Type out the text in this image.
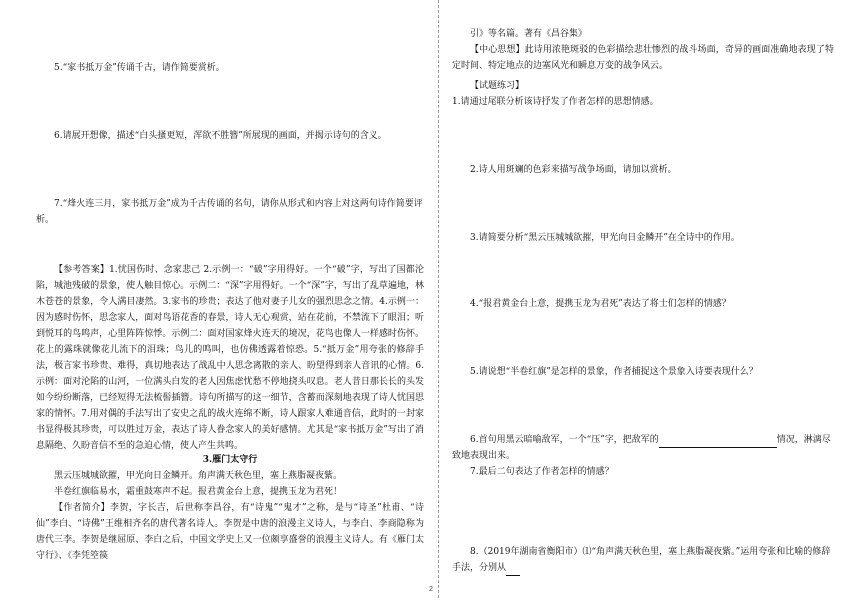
5.“家书抵万金”传诵千古，请作简要赏析。

6.请展开想像，描述“白头搔更短，浑欲不胜簪”所展现的画面，并揭示诗句的含义。

7.“烽火连三月，家书抵万金”成为千古传诵的名句，请你从形式和内容上对这两句诗作简要评析。

【参考答案】1.忧国伤时、念家悲己 2.示例一：“破”字用得好。一个“破”字，写出了国都沦陷，城池残破的景象，使人触目惊心。示例二：“深”字用得好。一个“深”字，写出了乱草遍地，林木苍苍的景象，令人满目凄然。3.家书的珍贵；表达了他对妻子儿女的强烈思念之情。4.示例一：因为感时伤怀，思念家人，面对鸟语花香的春景，诗人无心观赏，站在花前，不禁流下了眼泪；听到悦耳的鸟鸣声，心里阵阵惊悸。示例二：面对国家烽火连天的境况，花鸟也像人一样感时伤怀。花上的露珠就像花儿流下的泪珠；鸟儿的鸣叫，也仿佛透露着惊恐。5.“抵万金”用夸张的修辞手法，极言家书珍贵、难得，真切地表达了战乱中人思念离散的亲人、盼望得到亲人音讯的心情。6.示例：面对沦陷的山河，一位满头白发的老人因焦虑忧愁不停地挠头叹息。老人昔日那长长的头发如今纷纷断落，已经短得无法梳髻插簪。诗句所描写的这一细节，含蓄而深刻地表现了诗人忧国思家的情怀。7.用对偶的手法写出了安史之乱的战火连绵不断，诗人跟家人难通音信，此时的一封家书显得极其珍贵，可以胜过万金，表达了诗人眷念家人的美好感情。尤其是“家书抵万金”写出了消息隔绝、久盼音信不至的急迫心情，使人产生共鸣。

3.雁门太守行

黑云压城城欲摧，甲光向日金鳞开。角声满天秋色里，塞上燕脂凝夜紫。

半卷红旗临易水，霜重鼓寒声不起。报君黄金台上意，提携玉龙为君死！

【作者简介】李贺，字长吉，后世称李昌谷，有“诗鬼”“鬼才”之称，是与“诗圣”杜甫、“诗仙”李白、“诗佛”王维相齐名的唐代著名诗人。李贺是中唐的浪漫主义诗人，与李白、李商隐称为唐代三李。李贺是继屈原、李白之后，中国文学史上又一位颇享盛誉的浪漫主义诗人。有《雁门太守行》、《李凭箜篌

引》等名篇。著有《昌谷集》

【中心思想】此诗用浓艳斑驳的色彩描绘悲壮惨烈的战斗场面，奇异的画面准确地表现了特定时间、特定地点的边塞风光和瞬息万变的战争风云。

【试题练习】

1.请通过尾联分析该诗抒发了作者怎样的思想情感。

2.诗人用斑斓的色彩来描写战争场面，请加以赏析。

3.请简要分析“黑云压城城欲摧，甲光向日金鳞开”在全诗中的作用。

4.“报君黄金台上意，提携玉龙为君死”表达了将士们怎样的情感？

5.请说想“半卷红旗”是怎样的景象，作者捕捉这个景象入诗要表现什么？

6.首句用黑云暗喻敌军，一个“压”字，把敌军的	情况，淋漓尽致地表现出来。

7.最后二句表达了作者怎样的情感？

8.（2019年湖南省衡阳市）⑴“角声满天秋色里，塞上燕脂凝夜紫。”运用夸张和比喻的修辞手法，分别从

2
